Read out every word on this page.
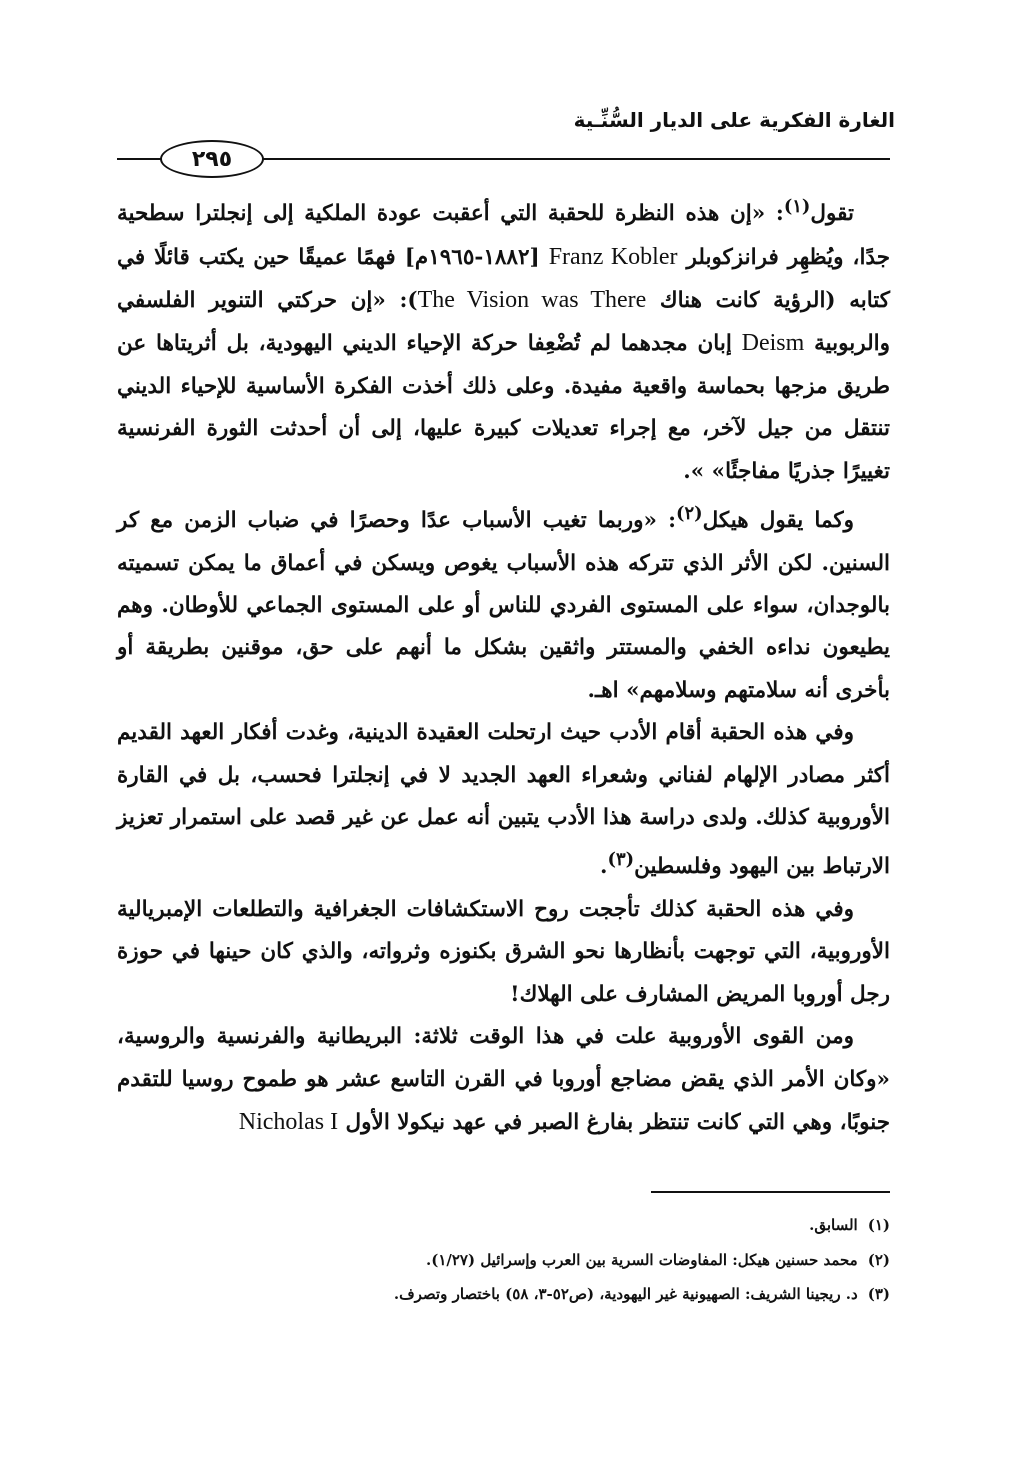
الغارة الفكرية على الديار السُّنِّـية
٢٩٥

تقول$^{(١)}$: «إن هذه النظرة للحقبة التي أعقبت عودة الملكية إلى إنجلترا سطحية جدًا، ويُظهِر فرانزكوبلر Franz Kobler [١٨٨٢-١٩٦٥م] فهمًا عميقًا حين يكتب قائلًا في كتابه (الرؤية كانت هناك The Vision was There): «إن حركتي التنوير الفلسفي والربوبية Deism إبان مجدهما لم تُضْعِفا حركة الإحياء الديني اليهودية، بل أثريتاها عن طريق مزجها بحماسة واقعية مفيدة. وعلى ذلك أخذت الفكرة الأساسية للإحياء الديني تنتقل من جيل لآخر، مع إجراء تعديلات كبيرة عليها، إلى أن أحدثت الثورة الفرنسية تغييرًا جذريًا مفاجئًا» ».

وكما يقول هيكل$^{(٢)}$: «وربما تغيب الأسباب عدًا وحصرًا في ضباب الزمن مع كر السنين. لكن الأثر الذي تتركه هذه الأسباب يغوص ويسكن في أعماق ما يمكن تسميته بالوجدان، سواء على المستوى الفردي للناس أو على المستوى الجماعي للأوطان. وهم يطيعون نداءه الخفي والمستتر واثقين بشكل ما أنهم على حق، موقنين بطريقة أو بأخرى أنه سلامتهم وسلامهم» اهـ.

وفي هذه الحقبة أقام الأدب حيث ارتحلت العقيدة الدينية، وغدت أفكار العهد القديم أكثر مصادر الإلهام لفناني وشعراء العهد الجديد لا في إنجلترا فحسب، بل في القارة الأوروبية كذلك. ولدى دراسة هذا الأدب يتبين أنه عمل عن غير قصد على استمرار تعزيز الارتباط بين اليهود وفلسطين$^{(٣)}$.

وفي هذه الحقبة كذلك تأججت روح الاستكشافات الجغرافية والتطلعات الإمبريالية الأوروبية، التي توجهت بأنظارها نحو الشرق بكنوزه وثرواته، والذي كان حينها في حوزة رجل أوروبا المريض المشارف على الهلاك!

ومن القوى الأوروبية علت في هذا الوقت ثلاثة: البريطانية والفرنسية والروسية، «وكان الأمر الذي يقض مضاجع أوروبا في القرن التاسع عشر هو طموح روسيا للتقدم جنوبًا، وهي التي كانت تنتظر بفارغ الصبر في عهد نيكولا الأول Nicholas I

(١)السابق.

(٢)محمد حسنين هيكل: المفاوضات السرية بين العرب وإسرائيل (١/٢٧).

(٣)د. ريجينا الشريف: الصهيونية غير اليهودية، (ص٥٢-٣، ٥٨) باختصار وتصرف.
